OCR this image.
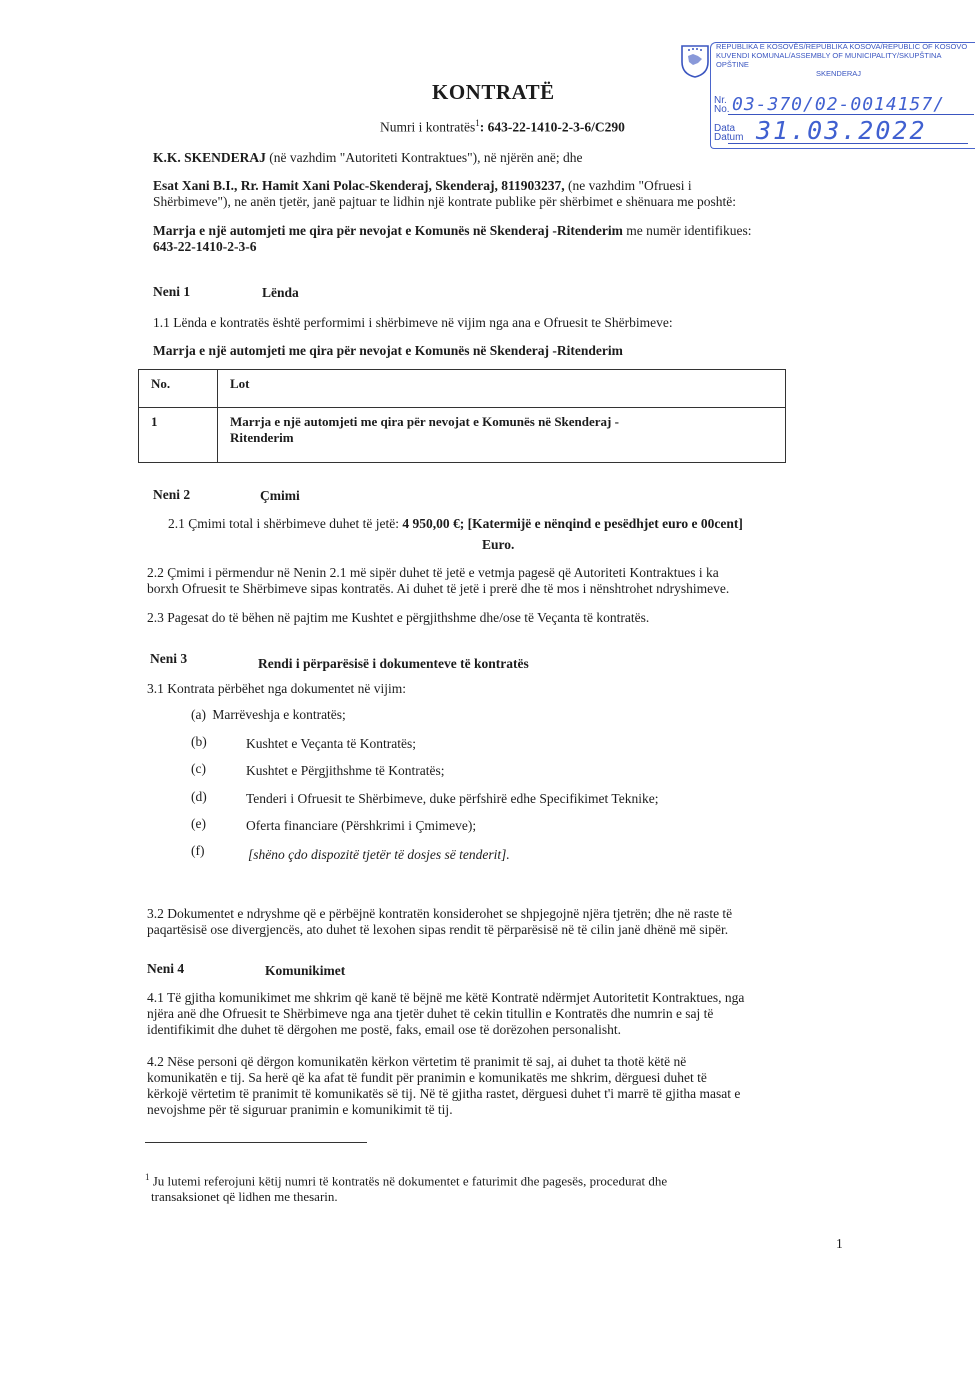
REPUBLIKA E KOSOVËS/REPUBLIKA KOSOVA/REPUBLIC OF KOSOVO
KUVENDI KOMUNAL/ASSEMBLY OF MUNICIPALITY/SKUPŠTINA OPŠTINE
SKENDERAJ
Nr. No. 03-370/02-0014157/
Data Datum 31.03.2022
KONTRATË
Numri i kontratës$^1$: 643-22-1410-2-3-6/C290
K.K. SKENDERAJ (në vazhdim "Autoriteti Kontraktues"), në njërën anë; dhe
Esat Xani B.I., Rr. Hamit Xani Polac-Skenderaj, Skenderaj, 811903237, (ne vazhdim "Ofruesi i
Shërbimeve"), ne anën tjetër, janë pajtuar te lidhin një kontrate publike për shërbimet e shënuara me poshtë:
Marrja e një automjeti me qira për nevojat e Komunës në Skenderaj -Ritenderim me numër identifikues:
643-22-1410-2-3-6
Neni 1	Lënda
1.1 Lënda e kontratës është performimi i shërbimeve në vijim nga ana e Ofruesit te Shërbimeve:
Marrja e një automjeti me qira për nevojat e Komunës në Skenderaj -Ritenderim
No.	Lot
1	Marrja e një automjeti me qira për nevojat e Komunës në Skenderaj -
Ritenderim
Neni 2	Çmimi
2.1 Çmimi total i shërbimeve duhet të jetë: 4 950,00 €; [Katermijë e nënqind e pesëdhjet euro e 00cent]
Euro.
2.2 Çmimi i përmendur në Nenin 2.1 më sipër duhet të jetë e vetmja pagesë që Autoriteti Kontraktues i ka
borxh Ofruesit te Shërbimeve sipas kontratës. Ai duhet të jetë i prerë dhe të mos i nënshtrohet ndryshimeve.
2.3 Pagesat do të bëhen në pajtim me Kushtet e përgjithshme dhe/ose të Veçanta të kontratës.
Neni 3	Rendi i përparësisë i dokumenteve të kontratës
3.1 Kontrata përbëhet nga dokumentet në vijim:
(a) Marrëveshja e kontratës;
(b)	Kushtet e Veçanta të Kontratës;
(c)	Kushtet e Përgjithshme të Kontratës;
(d)	Tenderi i Ofruesit te Shërbimeve, duke përfshirë edhe Specifikimet Teknike;
(e)	Oferta financiare (Përshkrimi i Çmimeve);
(f)	[shëno çdo dispozitë tjetër të dosjes së tenderit].
3.2 Dokumentet e ndryshme që e përbëjnë kontratën konsiderohet se shpjegojnë njëra tjetrën; dhe në raste të
paqartësisë ose divergjencës, ato duhet të lexohen sipas rendit të përparësisë në të cilin janë dhënë më sipër.
Neni 4	Komunikimet
4.1 Të gjitha komunikimet me shkrim që kanë të bëjnë me këtë Kontratë ndërmjet Autoritetit Kontraktues, nga
njëra anë dhe Ofruesit te Shërbimeve nga ana tjetër duhet të cekin titullin e Kontratës dhe numrin e saj të
identifikimit dhe duhet të dërgohen me postë, faks, email ose të dorëzohen personalisht.
4.2 Nëse personi që dërgon komunikatën kërkon vërtetim të pranimit të saj, ai duhet ta thotë këtë në
komunikatën e tij. Sa herë që ka afat të fundit për pranimin e komunikatës me shkrim, dërguesi duhet të
kërkojë vërtetim të pranimit të komunikatës së tij. Në të gjitha rastet, dërguesi duhet t'i marrë të gjitha masat e
nevojshme për të siguruar pranimin e komunikimit të tij.
$^1$ Ju lutemi referojuni këtij numri të kontratës në dokumentet e faturimit dhe pagesës, procedurat dhe
transaksionet që lidhen me thesarin.
1
